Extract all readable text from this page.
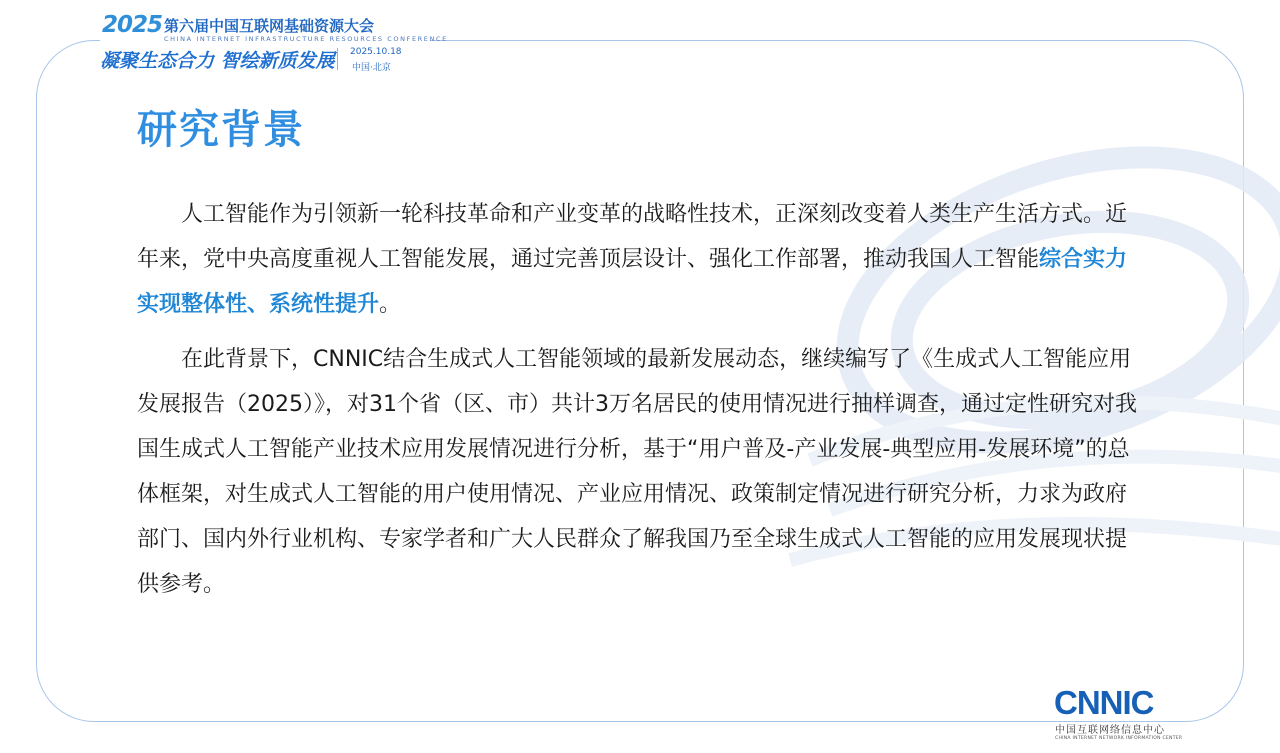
2025 第六届中国互联网基础资源大会
CHINA INTERNET INFRASTRUCTURE RESOURCES CONFERENCE
凝聚生态合力 智绘新质发展 2025.10.18
中国·北京
研究背景

人工智能作为引领新一轮科技革命和产业变革的战略性技术，正深刻改变着人类生产生活方式。近年来，党中央高度重视人工智能发展，通过完善顶层设计、强化工作部署，推动我国人工智能综合实力实现整体性、系统性提升。

在此背景下，CNNIC结合生成式人工智能领域的最新发展动态，继续编写了《生成式人工智能应用发展报告（2025）》，对31个省（区、市）共计3万名居民的使用情况进行抽样调查，通过定性研究对我国生成式人工智能产业技术应用发展情况进行分析，基于“用户普及-产业发展-典型应用-发展环境”的总体框架，对生成式人工智能的用户使用情况、产业应用情况、政策制定情况进行研究分析，力求为政府部门、国内外行业机构、专家学者和广大人民群众了解我国乃至全球生成式人工智能的应用发展现状提供参考。

CNNIC
中国互联网络信息中心
CHINA INTERNET NETWORK INFORMATION CENTER
